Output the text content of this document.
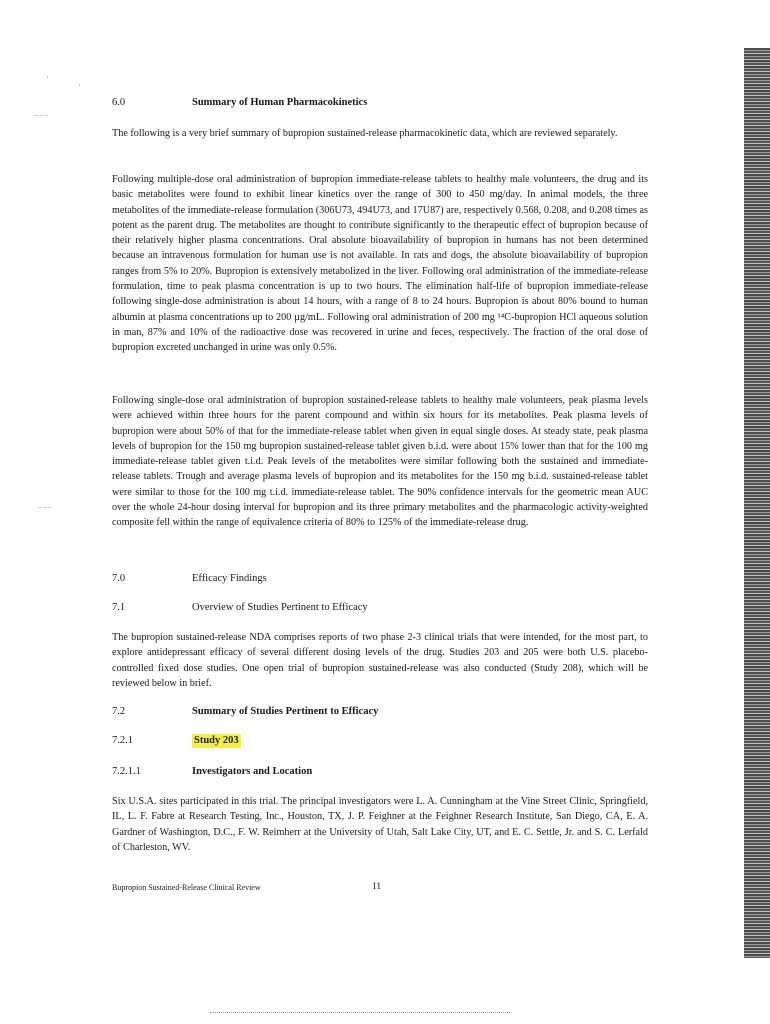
·
·
⁻⁻⁻
⁻⁻⁻
6.0	Summary of Human Pharmacokinetics

The following is a very brief summary of bupropion sustained-release pharmacokinetic data, which are reviewed separately.

Following multiple-dose oral administration of bupropion immediate-release tablets to healthy male volunteers, the drug and its basic metabolites were found to exhibit linear kinetics over the range of 300 to 450 mg/day. In animal models, the three metabolites of the immediate-release formulation (306U73, 494U73, and 17U87) are, respectively 0.568, 0.208, and 0.208 times as potent as the parent drug. The metabolites are thought to contribute significantly to the therapeutic effect of bupropion because of their relatively higher plasma concentrations. Oral absolute bioavailability of bupropion in humans has not been determined because an intravenous formulation for human use is not available. In rats and dogs, the absolute bioavailability of bupropion ranges from 5% to 20%. Bupropion is extensively metabolized in the liver. Following oral administration of the immediate-release formulation, time to peak plasma concentration is up to two hours. The elimination half-life of bupropion immediate-release following single-dose administration is about 14 hours, with a range of 8 to 24 hours. Bupropion is about 80% bound to human albumin at plasma concentrations up to 200 µg/mL. Following oral administration of 200 mg ¹⁴C-bupropion HCl aqueous solution in man, 87% and 10% of the radioactive dose was recovered in urine and feces, respectively. The fraction of the oral dose of bupropion excreted unchanged in urine was only 0.5%.

Following single-dose oral administration of bupropion sustained-release tablets to healthy male volunteers, peak plasma levels were achieved within three hours for the parent compound and within six hours for its metabolites. Peak plasma levels of bupropion were about 50% of that for the immediate-release tablet when given in equal single doses. At steady state, peak plasma levels of bupropion for the 150 mg bupropion sustained-release tablet given b.i.d. were about 15% lower than that for the 100 mg immediate-release tablet given t.i.d. Peak levels of the metabolites were similar following both the sustained and immediate-release tablets. Trough and average plasma levels of bupropion and its metabolites for the 150 mg b.i.d. sustained-release tablet were similar to those for the 100 mg t.i.d. immediate-release tablet. The 90% confidence intervals for the geometric mean AUC over the whole 24-hour dosing interval for bupropion and its three primary metabolites and the pharmacologic activity-weighted composite fell within the range of equivalence criteria of 80% to 125% of the immediate-release drug.

7.0	Efficacy Findings
7.1	Overview of Studies Pertinent to Efficacy

The bupropion sustained-release NDA comprises reports of two phase 2-3 clinical trials that were intended, for the most part, to explore antidepressant efficacy of several different dosing levels of the drug. Studies 203 and 205 were both U.S. placebo-controlled fixed dose studies. One open trial of bupropion sustained-release was also conducted (Study 208), which will be reviewed below in brief.

7.2	Summary of Studies Pertinent to Efficacy
7.2.1	Study 203
7.2.1.1	Investigators and Location

Six U.S.A. sites participated in this trial. The principal investigators were L. A. Cunningham at the Vine Street Clinic, Springfield, IL, L. F. Fabre at Research Testing, Inc., Houston, TX, J. P. Feighner at the Feighner Research Institute, San Diego, CA, E. A. Gardner of Washington, D.C., F. W. Reimherr at the University of Utah, Salt Lake City, UT, and E. C. Settle, Jr. and S. C. Lerfald of Charleston, WV.

Bupropion Sustained-Release Clinical Review	11
